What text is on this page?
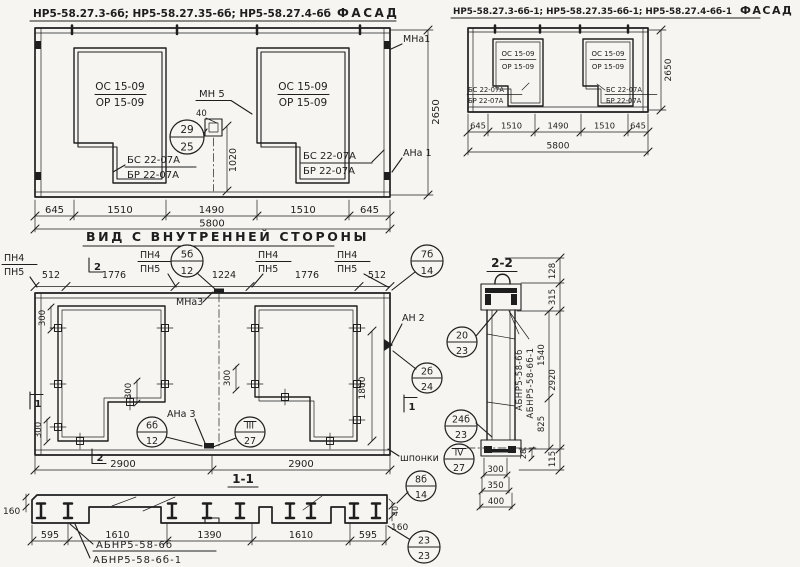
НР5-58.27.3-6б; НР5-58.27.35-6б; НР5-58.27.4-6б ФАСАД
ОС 15-09
ОР 15-09
ОС 15-09
ОР 15-09
БС 22-07А
БР 22-07А
БС 22-07А
БР 22-07А
МН 5
40
29
25
1020
2650
МНа1
АНа 1
645	1510	1490	1510	645
5800
НР5-58.27.3-6б-1; НР5-58.27.35-6б-1; НР5-58.27.4-6б-1 ФАСАД
ОС 15-09
ОР 15-09
ОС 15-09
ОР 15-09
БС 22-07А
БР 22-07А
БС 22-07А
БР 22-07А
2650
645 1510	1490	1510 645
5800
ВИД С ВНУТРЕННЕЙ СТОРОНЫ
ПН4
ПН5
ПН4
ПН5
ПН4
ПН5
ПН4
ПН5
512	1776	1224	1776	512
2
5б
12
7б
14
300
300
300
300	1800
МНа3
АНа 3
6б
12
III
27
АН 2
20
23
2б
24
24б
23
шпонки IV
27
1	1
2
2900	2900
2-2
АБНР5-58-6б АБНР5-58-6б-1 1540
825
128
315
2920
115
28
300
350
400
1-1
160	40
160
595	1610	1390	1610	595
АБНР5-58-6б
АБНР5-58-6б-1
8б
14
23
23
